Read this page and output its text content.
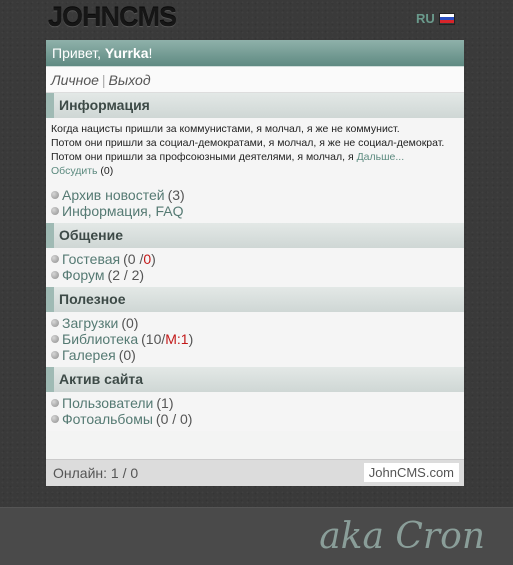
JOHNCMS	RU
Привет, Yurrka!
Личное | Выход
Информация
Когда нацисты пришли за коммунистами, я молчал, я же не коммунист.
Потом они пришли за социал-демократами, я молчал, я же не социал-демократ.
Потом они пришли за профсоюзными деятелями, я молчал, я Дальше...
Обсудить (0)
Архив новостей (3)
Информация, FAQ
Общение
Гостевая (0 / 0 )
Форум (2 / 2)
Полезное
Загрузки (0)
Библиотека (10/ М:1 )
Галерея (0)
Актив сайта
Пользователи (1)
Фотоальбомы (0 / 0)
Онлайн: 1 / 0	JohnCMS.com
aka Cron
